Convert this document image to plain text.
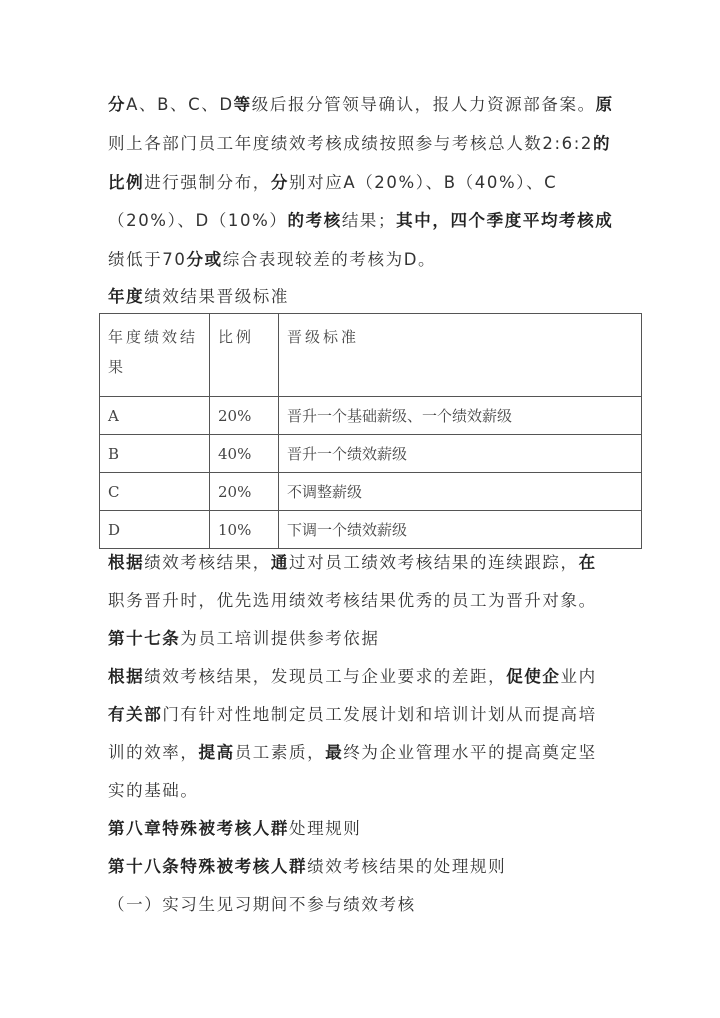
分A、B、C、D等级后报分管领导确认，报人力资源部备案。原
则上各部门员工年度绩效考核成绩按照参与考核总人数2:6:2的
比例进行强制分布，分别对应A（20%）、B（40%）、C
（20%）、D（10%）的考核结果；其中，四个季度平均考核成
绩低于70分或综合表现较差的考核为D。
年度绩效结果晋级标准
年度绩效结果	比例	晋级标准
A	20%	晋升一个基础薪级、一个绩效薪级
B	40%	晋升一个绩效薪级
C	20%	不调整薪级
D	10%	下调一个绩效薪级
根据绩效考核结果，通过对员工绩效考核结果的连续跟踪，在
职务晋升时，优先选用绩效考核结果优秀的员工为晋升对象。
第十七条为员工培训提供参考依据
根据绩效考核结果，发现员工与企业要求的差距，促使企业内
有关部门有针对性地制定员工发展计划和培训计划从而提高培
训的效率，提高员工素质，最终为企业管理水平的提高奠定坚
实的基础。
第八章特殊被考核人群处理规则
第十八条特殊被考核人群绩效考核结果的处理规则
（一）实习生见习期间不参与绩效考核
